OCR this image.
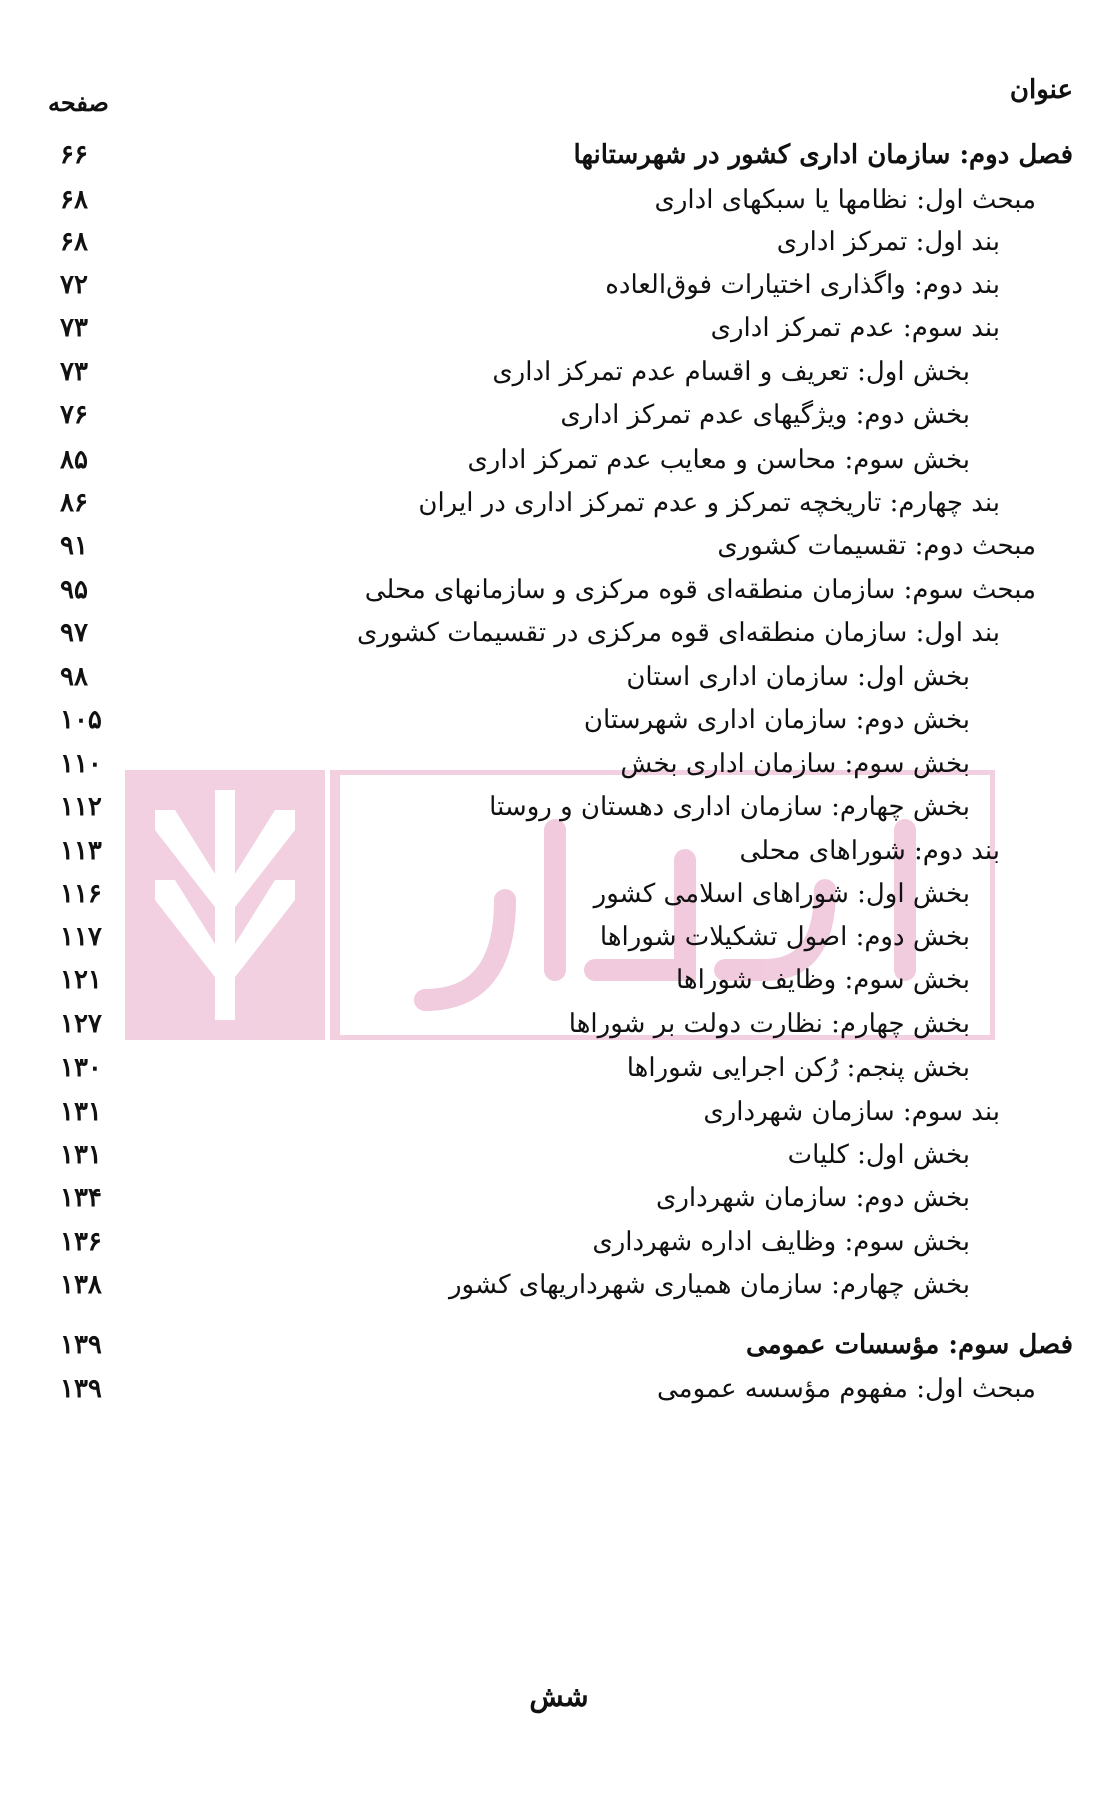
عنوان
صفحه
فصل دوم: سازمان اداری کشور در شهرستانها
۶۶
مبحث اول: نظامها یا سبکهای اداری
۶۸
بند اول: تمرکز اداری
۶۸
بند دوم: واگذاری اختیارات فوق‌العاده
۷۲
بند سوم: عدم تمرکز اداری
۷۳
بخش اول: تعریف و اقسام عدم تمرکز اداری
۷۳
بخش دوم: ویژگیهای عدم تمرکز اداری
۷۶
بخش سوم: محاسن و معایب عدم تمرکز اداری
۸۵
بند چهارم: تاریخچه تمرکز و عدم تمرکز اداری در ایران
۸۶
مبحث دوم: تقسیمات کشوری
۹۱
مبحث سوم: سازمان منطقه‌ای قوه مرکزی و سازمانهای محلی
۹۵
بند اول: سازمان منطقه‌ای قوه مرکزی در تقسیمات کشوری
۹۷
بخش اول: سازمان اداری استان
۹۸
بخش دوم: سازمان اداری شهرستان
۱۰۵
بخش سوم: سازمان اداری بخش
۱۱۰
بخش چهارم: سازمان اداری دهستان و روستا
۱۱۲
بند دوم: شوراهای محلی
۱۱۳
بخش اول: شوراهای اسلامی کشور
۱۱۶
بخش دوم: اصول تشکیلات شوراها
۱۱۷
بخش سوم: وظایف شوراها
۱۲۱
بخش چهارم: نظارت دولت بر شوراها
۱۲۷
بخش پنجم: رُکن اجرایی شوراها
۱۳۰
بند سوم: سازمان شهرداری
۱۳۱
بخش اول: کلیات
۱۳۱
بخش دوم: سازمان شهرداری
۱۳۴
بخش سوم: وظایف اداره شهرداری
۱۳۶
بخش چهارم: سازمان همیاری شهرداریهای کشور
۱۳۸
فصل سوم: مؤسسات عمومی
۱۳۹
مبحث اول: مفهوم مؤسسه عمومی
۱۳۹
شش
